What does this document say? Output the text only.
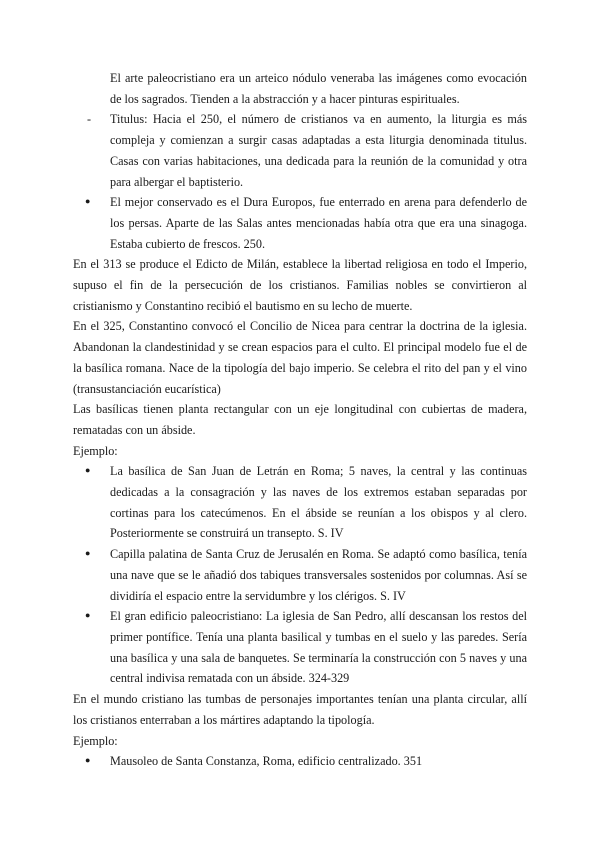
El arte paleocristiano era un arteico nódulo veneraba las imágenes como evocación de los sagrados. Tienden a la abstracción y a hacer pinturas espirituales.

- Titulus: Hacia el 250, el número de cristianos va en aumento, la liturgia es más compleja y comienzan a surgir casas adaptadas a esta liturgia denominada titulus. Casas con varias habitaciones, una dedicada para la reunión de la comunidad y otra para albergar el baptisterio.

● El mejor conservado es el Dura Europos, fue enterrado en arena para defenderlo de los persas. Aparte de las Salas antes mencionadas había otra que era una sinagoga. Estaba cubierto de frescos. 250.

En el 313 se produce el Edicto de Milán, establece la libertad religiosa en todo el Imperio, supuso el fin de la persecución de los cristianos. Familias nobles se convirtieron al cristianismo y Constantino recibió el bautismo en su lecho de muerte.

En el 325, Constantino convocó el Concilio de Nicea para centrar la doctrina de la iglesia. Abandonan la clandestinidad y se crean espacios para el culto. El principal modelo fue el de la basílica romana. Nace de la tipología del bajo imperio. Se celebra el rito del pan y el vino (transustanciación eucarística)

Las basílicas tienen planta rectangular con un eje longitudinal con cubiertas de madera, rematadas con un ábside.

Ejemplo:

● La basílica de San Juan de Letrán en Roma; 5 naves, la central y las continuas dedicadas a la consagración y las naves de los extremos estaban separadas por cortinas para los catecúmenos. En el ábside se reunían a los obispos y al clero. Posteriormente se construirá un transepto. S. IV

● Capilla palatina de Santa Cruz de Jerusalén en Roma. Se adaptó como basílica, tenía una nave que se le añadió dos tabiques transversales sostenidos por columnas. Así se dividiría el espacio entre la servidumbre y los clérigos. S. IV

● El gran edificio paleocristiano: La iglesia de San Pedro, allí descansan los restos del primer pontífice. Tenía una planta basilical y tumbas en el suelo y las paredes. Sería una basílica y una sala de banquetes. Se terminaría la construcción con 5 naves y una central indivisa rematada con un ábside. 324-329

En el mundo cristiano las tumbas de personajes importantes tenían una planta circular, allí los cristianos enterraban a los mártires adaptando la tipología.

Ejemplo:

● Mausoleo de Santa Constanza, Roma, edificio centralizado. 351
